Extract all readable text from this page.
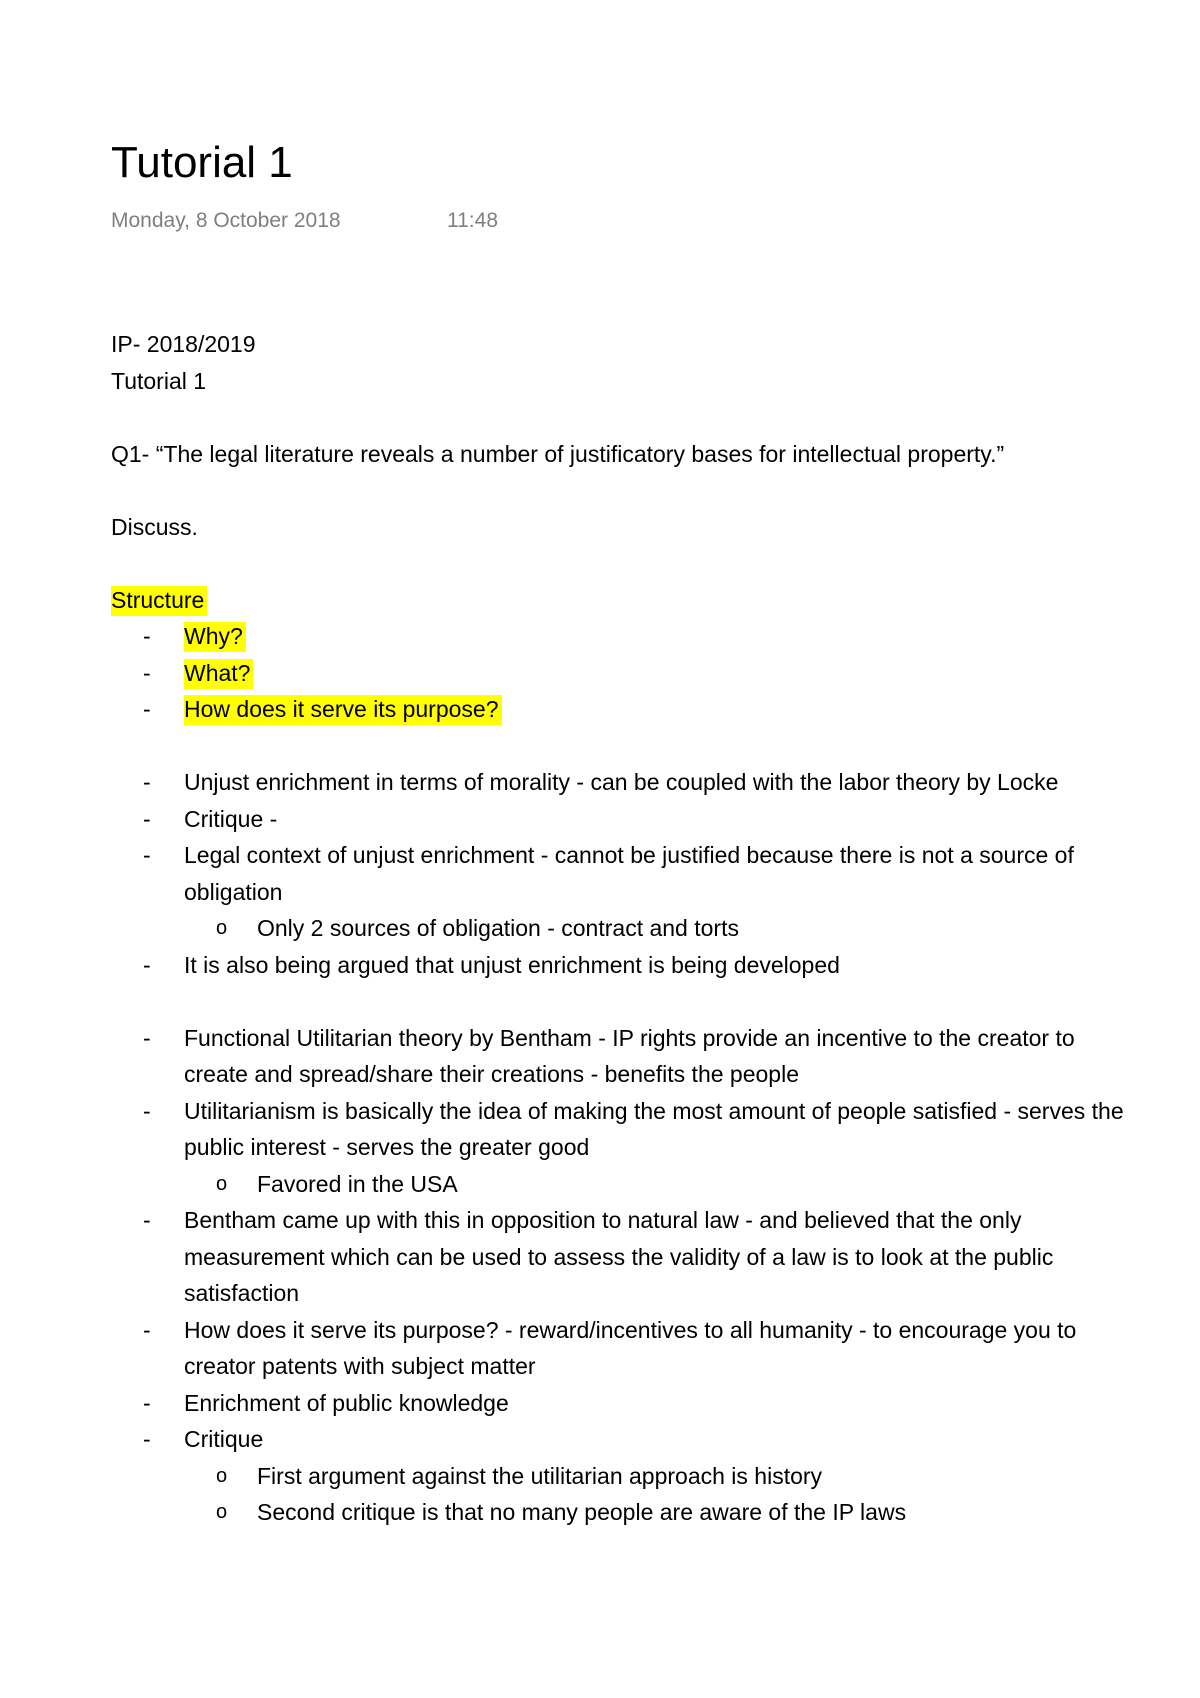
Tutorial 1
Monday, 8 October 2018	11:48
IP- 2018/2019
Tutorial 1
Q1- “The legal literature reveals a number of justificatory bases for intellectual property.”
Discuss.
Structure
-	Why?
-	What?
-	How does it serve its purpose?
-	Unjust enrichment in terms of morality - can be coupled with the labor theory by Locke
-	Critique -
-	Legal context of unjust enrichment - cannot be justified because there is not a source of obligation
o	Only 2 sources of obligation - contract and torts
-	It is also being argued that unjust enrichment is being developed
-	Functional Utilitarian theory by Bentham - IP rights provide an incentive to the creator to create and spread/share their creations - benefits the people
-	Utilitarianism is basically the idea of making the most amount of people satisfied - serves the public interest - serves the greater good
o	Favored in the USA
-	Bentham came up with this in opposition to natural law - and believed that the only measurement which can be used to assess the validity of a law is to look at the public satisfaction
-	How does it serve its purpose? - reward/incentives to all humanity - to encourage you to creator patents with subject matter
-	Enrichment of public knowledge
-	Critique
o	First argument against the utilitarian approach is history
o	Second critique is that no many people are aware of the IP laws
